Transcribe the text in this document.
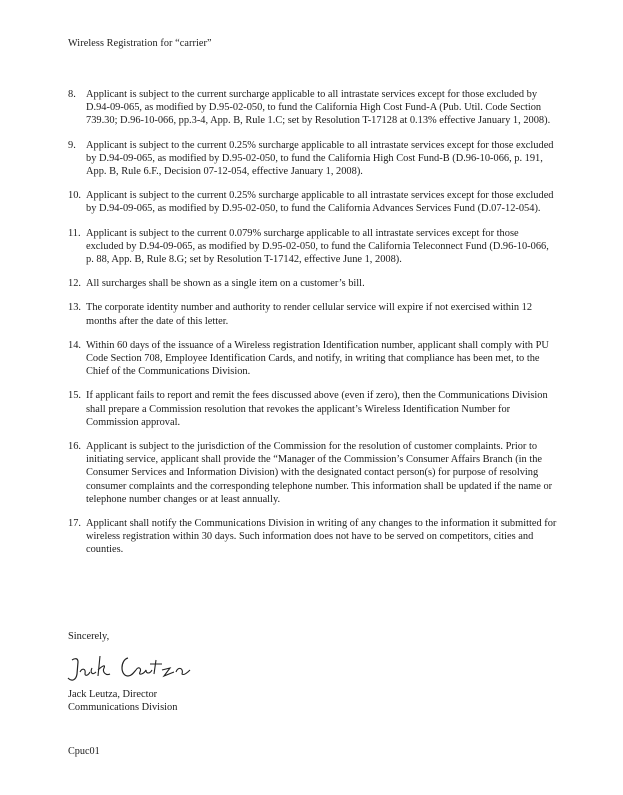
Wireless Registration for “carrier”
8. Applicant is subject to the current surcharge applicable to all intrastate services except for those excluded by D.94-09-065, as modified by D.95-02-050, to fund the California High Cost Fund-A (Pub. Util. Code Section 739.30; D.96-10-066, pp.3-4, App. B, Rule 1.C; set by Resolution T-17128 at 0.13% effective January 1, 2008).
9. Applicant is subject to the current 0.25% surcharge applicable to all intrastate services except for those excluded by D.94-09-065, as modified by D.95-02-050, to fund the California High Cost Fund-B (D.96-10-066, p. 191, App. B, Rule 6.F., Decision 07-12-054, effective January 1, 2008).
10. Applicant is subject to the current 0.25% surcharge applicable to all intrastate services except for those excluded by D.94-09-065, as modified by D.95-02-050, to fund the California Advances Services Fund (D.07-12-054).
11. Applicant is subject to the current 0.079% surcharge applicable to all intrastate services except for those excluded by D.94-09-065, as modified by D.95-02-050, to fund the California Teleconnect Fund (D.96-10-066, p. 88, App. B, Rule 8.G; set by Resolution T-17142, effective June 1, 2008).
12. All surcharges shall be shown as a single item on a customer’s bill.
13. The corporate identity number and authority to render cellular service will expire if not exercised within 12 months after the date of this letter.
14. Within 60 days of the issuance of a Wireless registration Identification number, applicant shall comply with PU Code Section 708, Employee Identification Cards, and notify, in writing that compliance has been met, to the Chief of the Communications Division.
15. If applicant fails to report and remit the fees discussed above (even if zero), then the Communications Division shall prepare a Commission resolution that revokes the applicant’s Wireless Identification Number for Commission approval.
16. Applicant is subject to the jurisdiction of the Commission for the resolution of customer complaints. Prior to initiating service, applicant shall provide the “Manager of the Commission’s Consumer Affairs Branch (in the Consumer Services and Information Division) with the designated contact person(s) for purpose of resolving consumer complaints and the corresponding telephone number. This information shall be updated if the name or telephone number changes or at least annually.
17. Applicant shall notify the Communications Division in writing of any changes to the information it submitted for wireless registration within 30 days. Such information does not have to be served on competitors, cities and counties.
Sincerely,
Jack Leutza, Director
Communications Division
Cpuc01
